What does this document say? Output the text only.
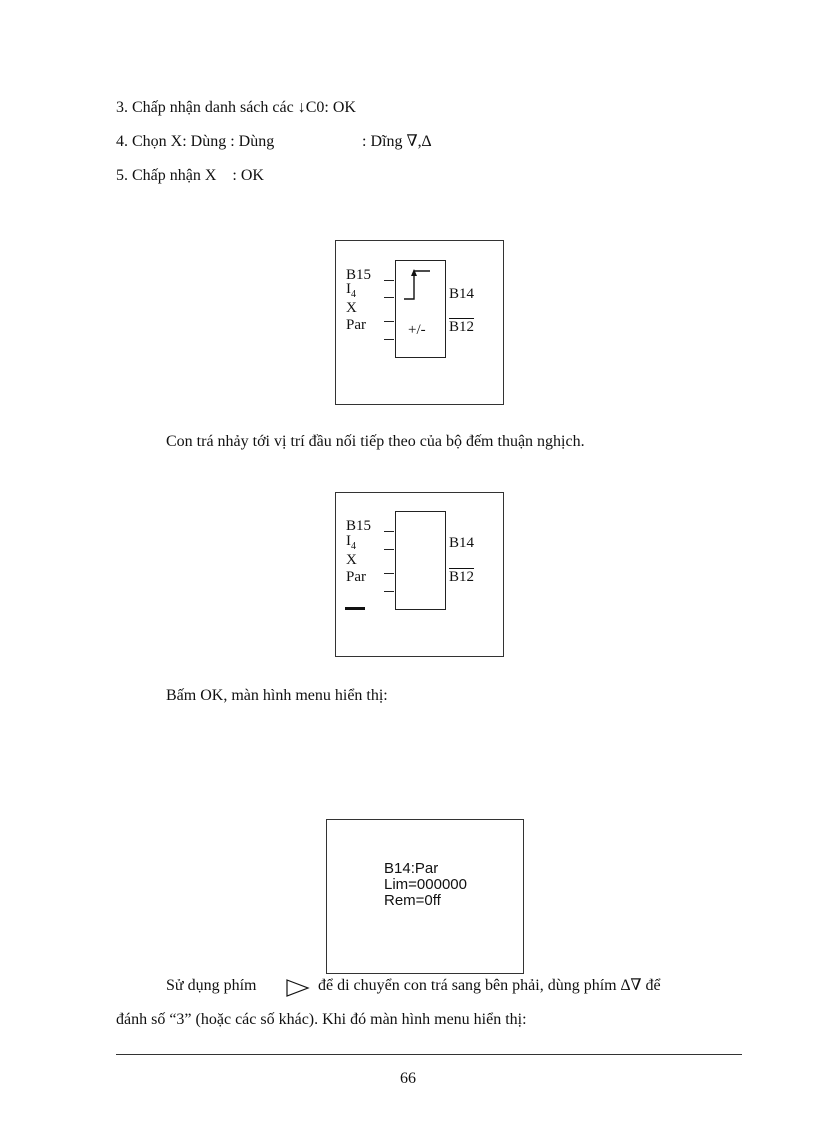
3. Chấp nhận danh sách các ↓C0: OK
4. Chọn X: Dùng : Dùng	: Dĩng ∇,∆
5. Chấp nhận X    : OK
B15
$I_4$
X
Par	+/-
B14
B12
Con trá nhảy tới vị trí đầu nối tiếp theo của bộ đếm thuận nghịch.
B15
$I_4$
X
Par
B14
B12
Bấm OK, màn hình menu hiển thị:
B14:Par
Lim=000000
Rem=0ff
Sử dụng phím	để di chuyển con trá sang bên phải, dùng phím ∆∇ để
đánh số “3” (hoặc các số khác). Khi đó màn hình menu hiển thị:
66
